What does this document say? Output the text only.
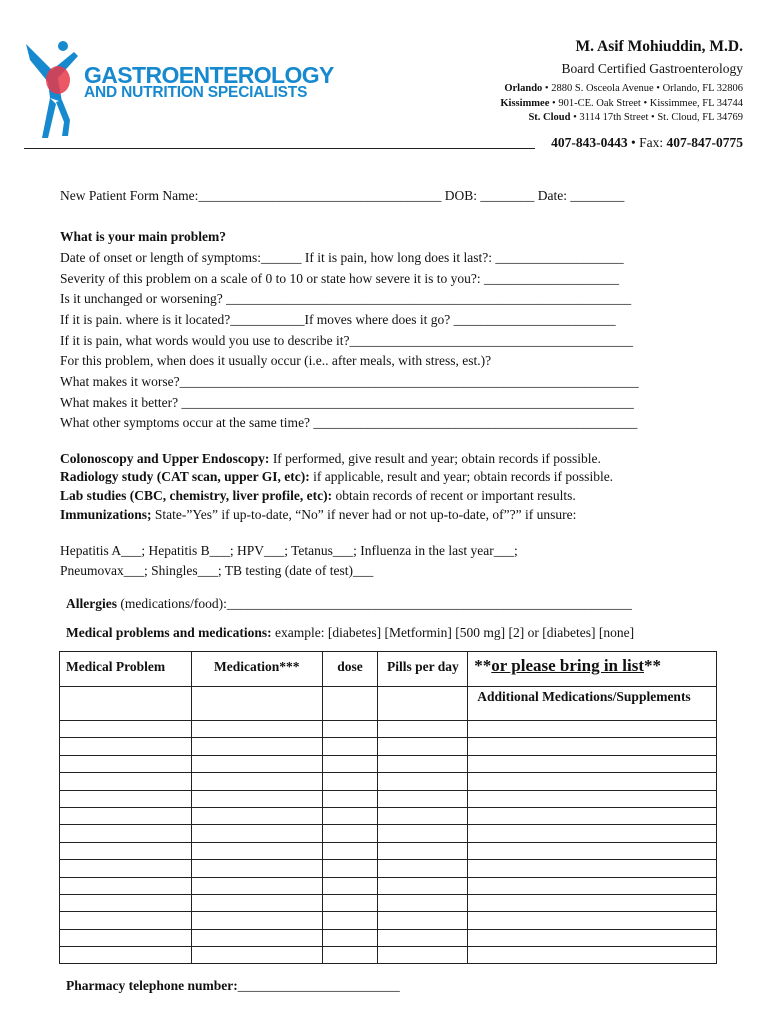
GASTROENTEROLOGY
AND NUTRITION SPECIALISTS
M. Asif Mohiuddin, M.D.
Board Certified Gastroenterology
Orlando • 2880 S. Osceola Avenue • Orlando, FL 32806
Kissimmee • 901-CE. Oak Street • Kissimmee, FL 34744
St. Cloud • 3114 17th Street • St. Cloud, FL 34769
407-843-0443 • Fax: 407-847-0775
New Patient Form Name:____________________________________ DOB: ________ Date: ________
What is your main problem?
Date of onset or length of symptoms:______ If it is pain, how long does it last?: ___________________
Severity of this problem on a scale of 0 to 10 or state how severe it is to you?: ____________________
Is it unchanged or worsening? ____________________________________________________________
If it is pain. where is it located?___________If moves where does it go? ________________________
If it is pain, what words would you use to describe it?__________________________________________
For this problem, when does it usually occur (i.e.. after meals, with stress, est.)?
What makes it worse?____________________________________________________________________
What makes it better? ___________________________________________________________________
What other symptoms occur at the same time? ________________________________________________
Colonoscopy and Upper Endoscopy: If performed, give result and year; obtain records if possible.
Radiology study (CAT scan, upper GI, etc): if applicable, result and year; obtain records if possible.
Lab studies (CBC, chemistry, liver profile, etc): obtain records of recent or important results.
Immunizations; State-”Yes” if up-to-date, “No” if never had or not up-to-date, of”?” if unsure:
Hepatitis A___; Hepatitis B___; HPV___; Tetanus___; Influenza in the last year___;
Pneumovax___; Shingles___; TB testing (date of test)___
Allergies (medications/food):____________________________________________________________
Medical problems and medications: example: [diabetes] [Metformin] [500 mg] [2] or [diabetes] [none]
Medical Problem	Medication***	dose	Pills per day	**or please bring in list**

				Additional Medications/Supplements

Pharmacy telephone number:________________________
